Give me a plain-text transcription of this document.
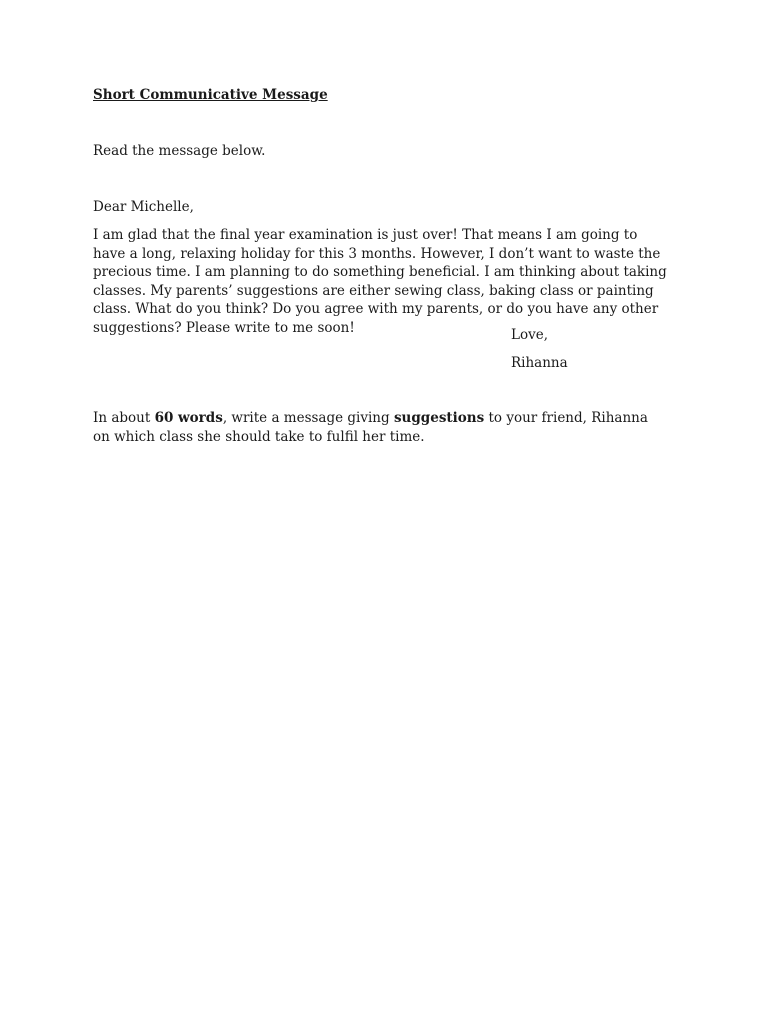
Short Communicative Message

Read the message below.

Dear Michelle,

I am glad that the final year examination is just over! That means I am going to have a long, relaxing holiday for this 3 months. However, I don’t want to waste the precious time. I am planning to do something beneficial. I am thinking about taking classes. My parents’ suggestions are either sewing class, baking class or painting class. What do you think? Do you agree with my parents, or do you have any other suggestions? Please write to me soon!	Love,

Rihanna

In about 60 words, write a message giving suggestions to your friend, Rihanna on which class she should take to fulfil her time.
